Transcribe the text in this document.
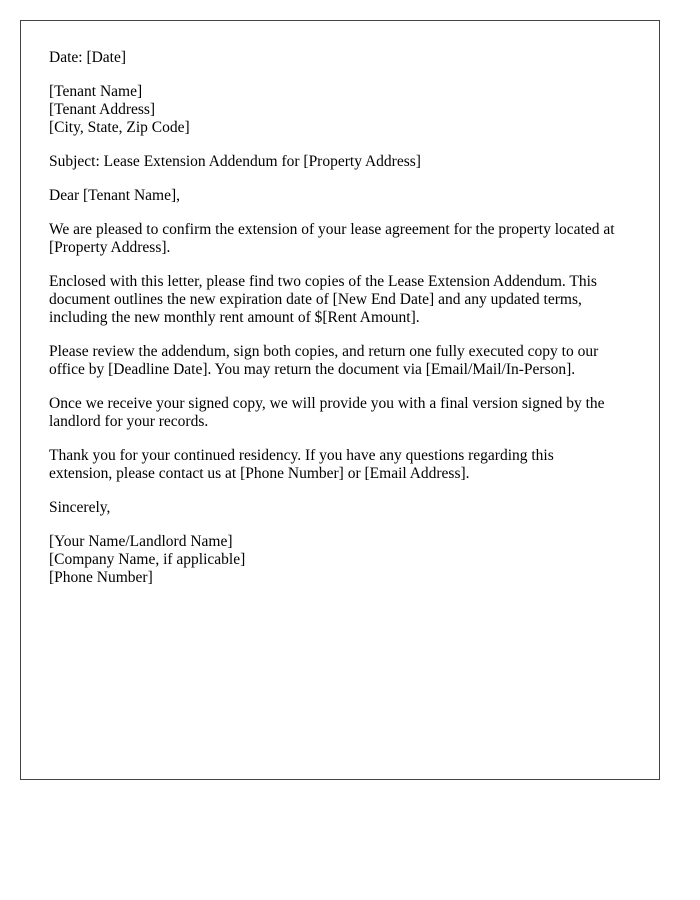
Date: [Date]

[Tenant Name]
[Tenant Address]
[City, State, Zip Code]

Subject: Lease Extension Addendum for [Property Address]

Dear [Tenant Name],

We are pleased to confirm the extension of your lease agreement for the property located at
[Property Address].

Enclosed with this letter, please find two copies of the Lease Extension Addendum. This
document outlines the new expiration date of [New End Date] and any updated terms,
including the new monthly rent amount of $[Rent Amount].

Please review the addendum, sign both copies, and return one fully executed copy to our
office by [Deadline Date]. You may return the document via [Email/Mail/In-Person].

Once we receive your signed copy, we will provide you with a final version signed by the
landlord for your records.

Thank you for your continued residency. If you have any questions regarding this
extension, please contact us at [Phone Number] or [Email Address].

Sincerely,

[Your Name/Landlord Name]
[Company Name, if applicable]
[Phone Number]
